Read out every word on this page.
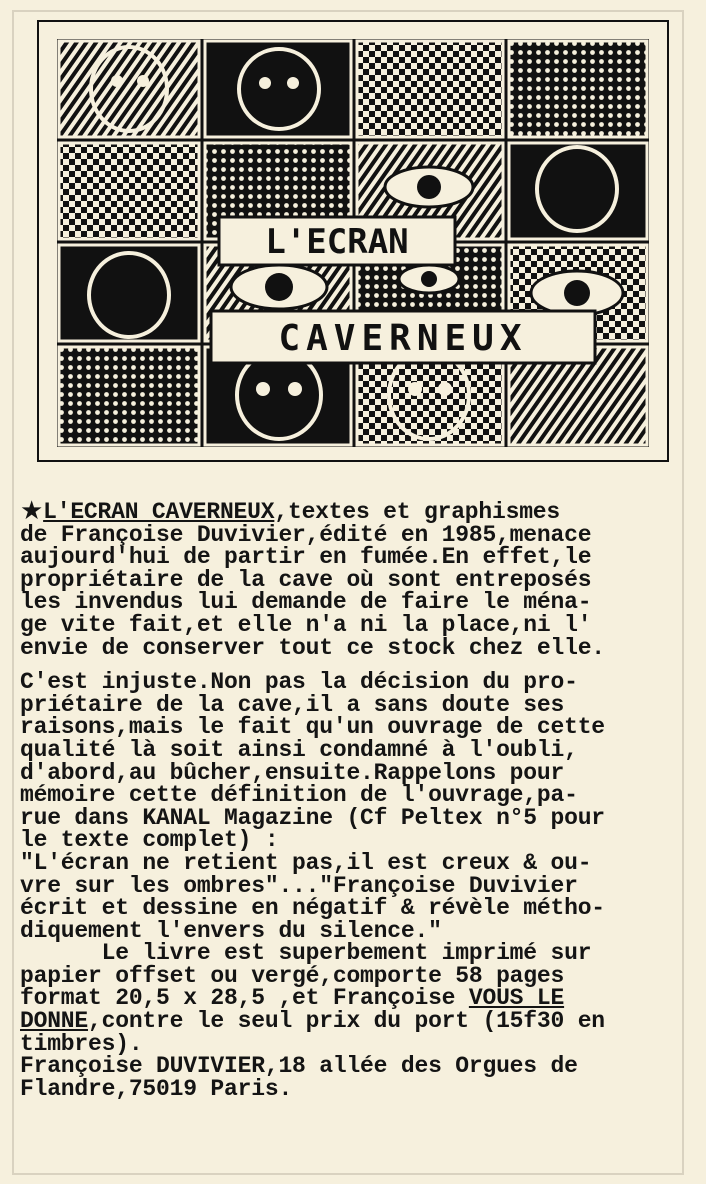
L'ECRAN
CAVERNEUX

★L'ECRAN CAVERNEUX,textes et graphismes

de Françoise Duvivier,édité en 1985,menace

aujourd'hui de partir en fumée.En effet,le

propriétaire de la cave où sont entreposés

les invendus lui demande de faire le ména-

ge vite fait,et elle n'a ni la place,ni l'

envie de conserver tout ce stock chez elle.

C'est injuste.Non pas la décision du pro-

priétaire de la cave,il a sans doute ses

raisons,mais le fait qu'un ouvrage de cette

qualité là soit ainsi condamné à l'oubli,

d'abord,au bûcher,ensuite.Rappelons pour

mémoire cette définition de l'ouvrage,pa-

rue dans KANAL Magazine (Cf Peltex n°5 pour

le texte complet) :

"L'écran ne retient pas,il est creux & ou-

vre sur les ombres"..."Françoise Duvivier

écrit et dessine en négatif & révèle métho-

diquement l'envers du silence."

Le livre est superbement imprimé sur

papier offset ou vergé,comporte 58 pages

format 20,5 x 28,5 ,et Françoise VOUS LE

DONNE,contre le seul prix du port (15f30 en

timbres).

Françoise DUVIVIER,18 allée des Orgues de

Flandre,75019 Paris.
